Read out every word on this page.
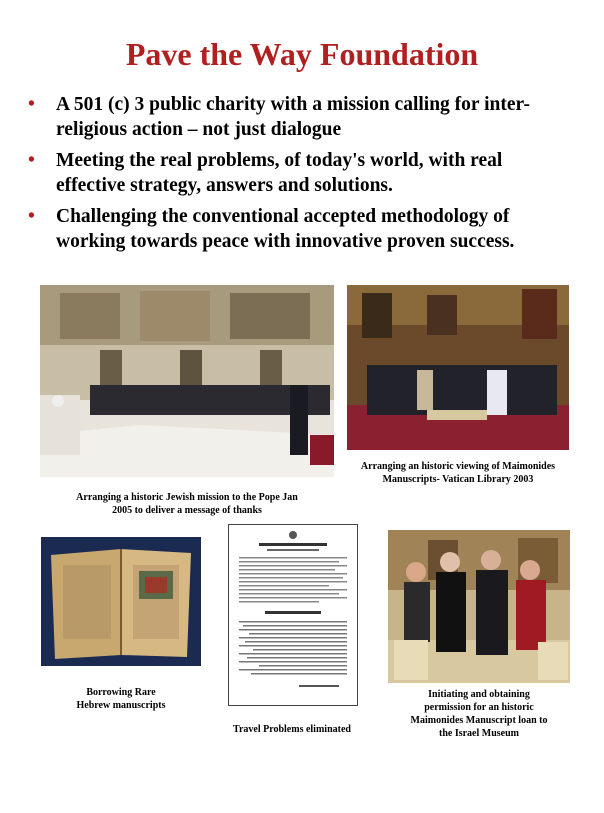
Pave the Way Foundation
• A 501 (c) 3 public charity with a mission calling for inter-
religious action – not just dialogue
• Meeting the real problems, of today's world, with real
effective strategy, answers and solutions.
• Challenging the conventional accepted methodology of
working towards peace with innovative proven success.
Arranging a historic Jewish mission to the Pope Jan
2005 to deliver a message of thanks
Arranging an historic viewing of Maimonides
Manuscripts- Vatican Library 2003
Borrowing Rare
Hebrew manuscripts
Travel Problems eliminated
Initiating and obtaining
permission for an historic
Maimonides Manuscript loan to
the Israel Museum
